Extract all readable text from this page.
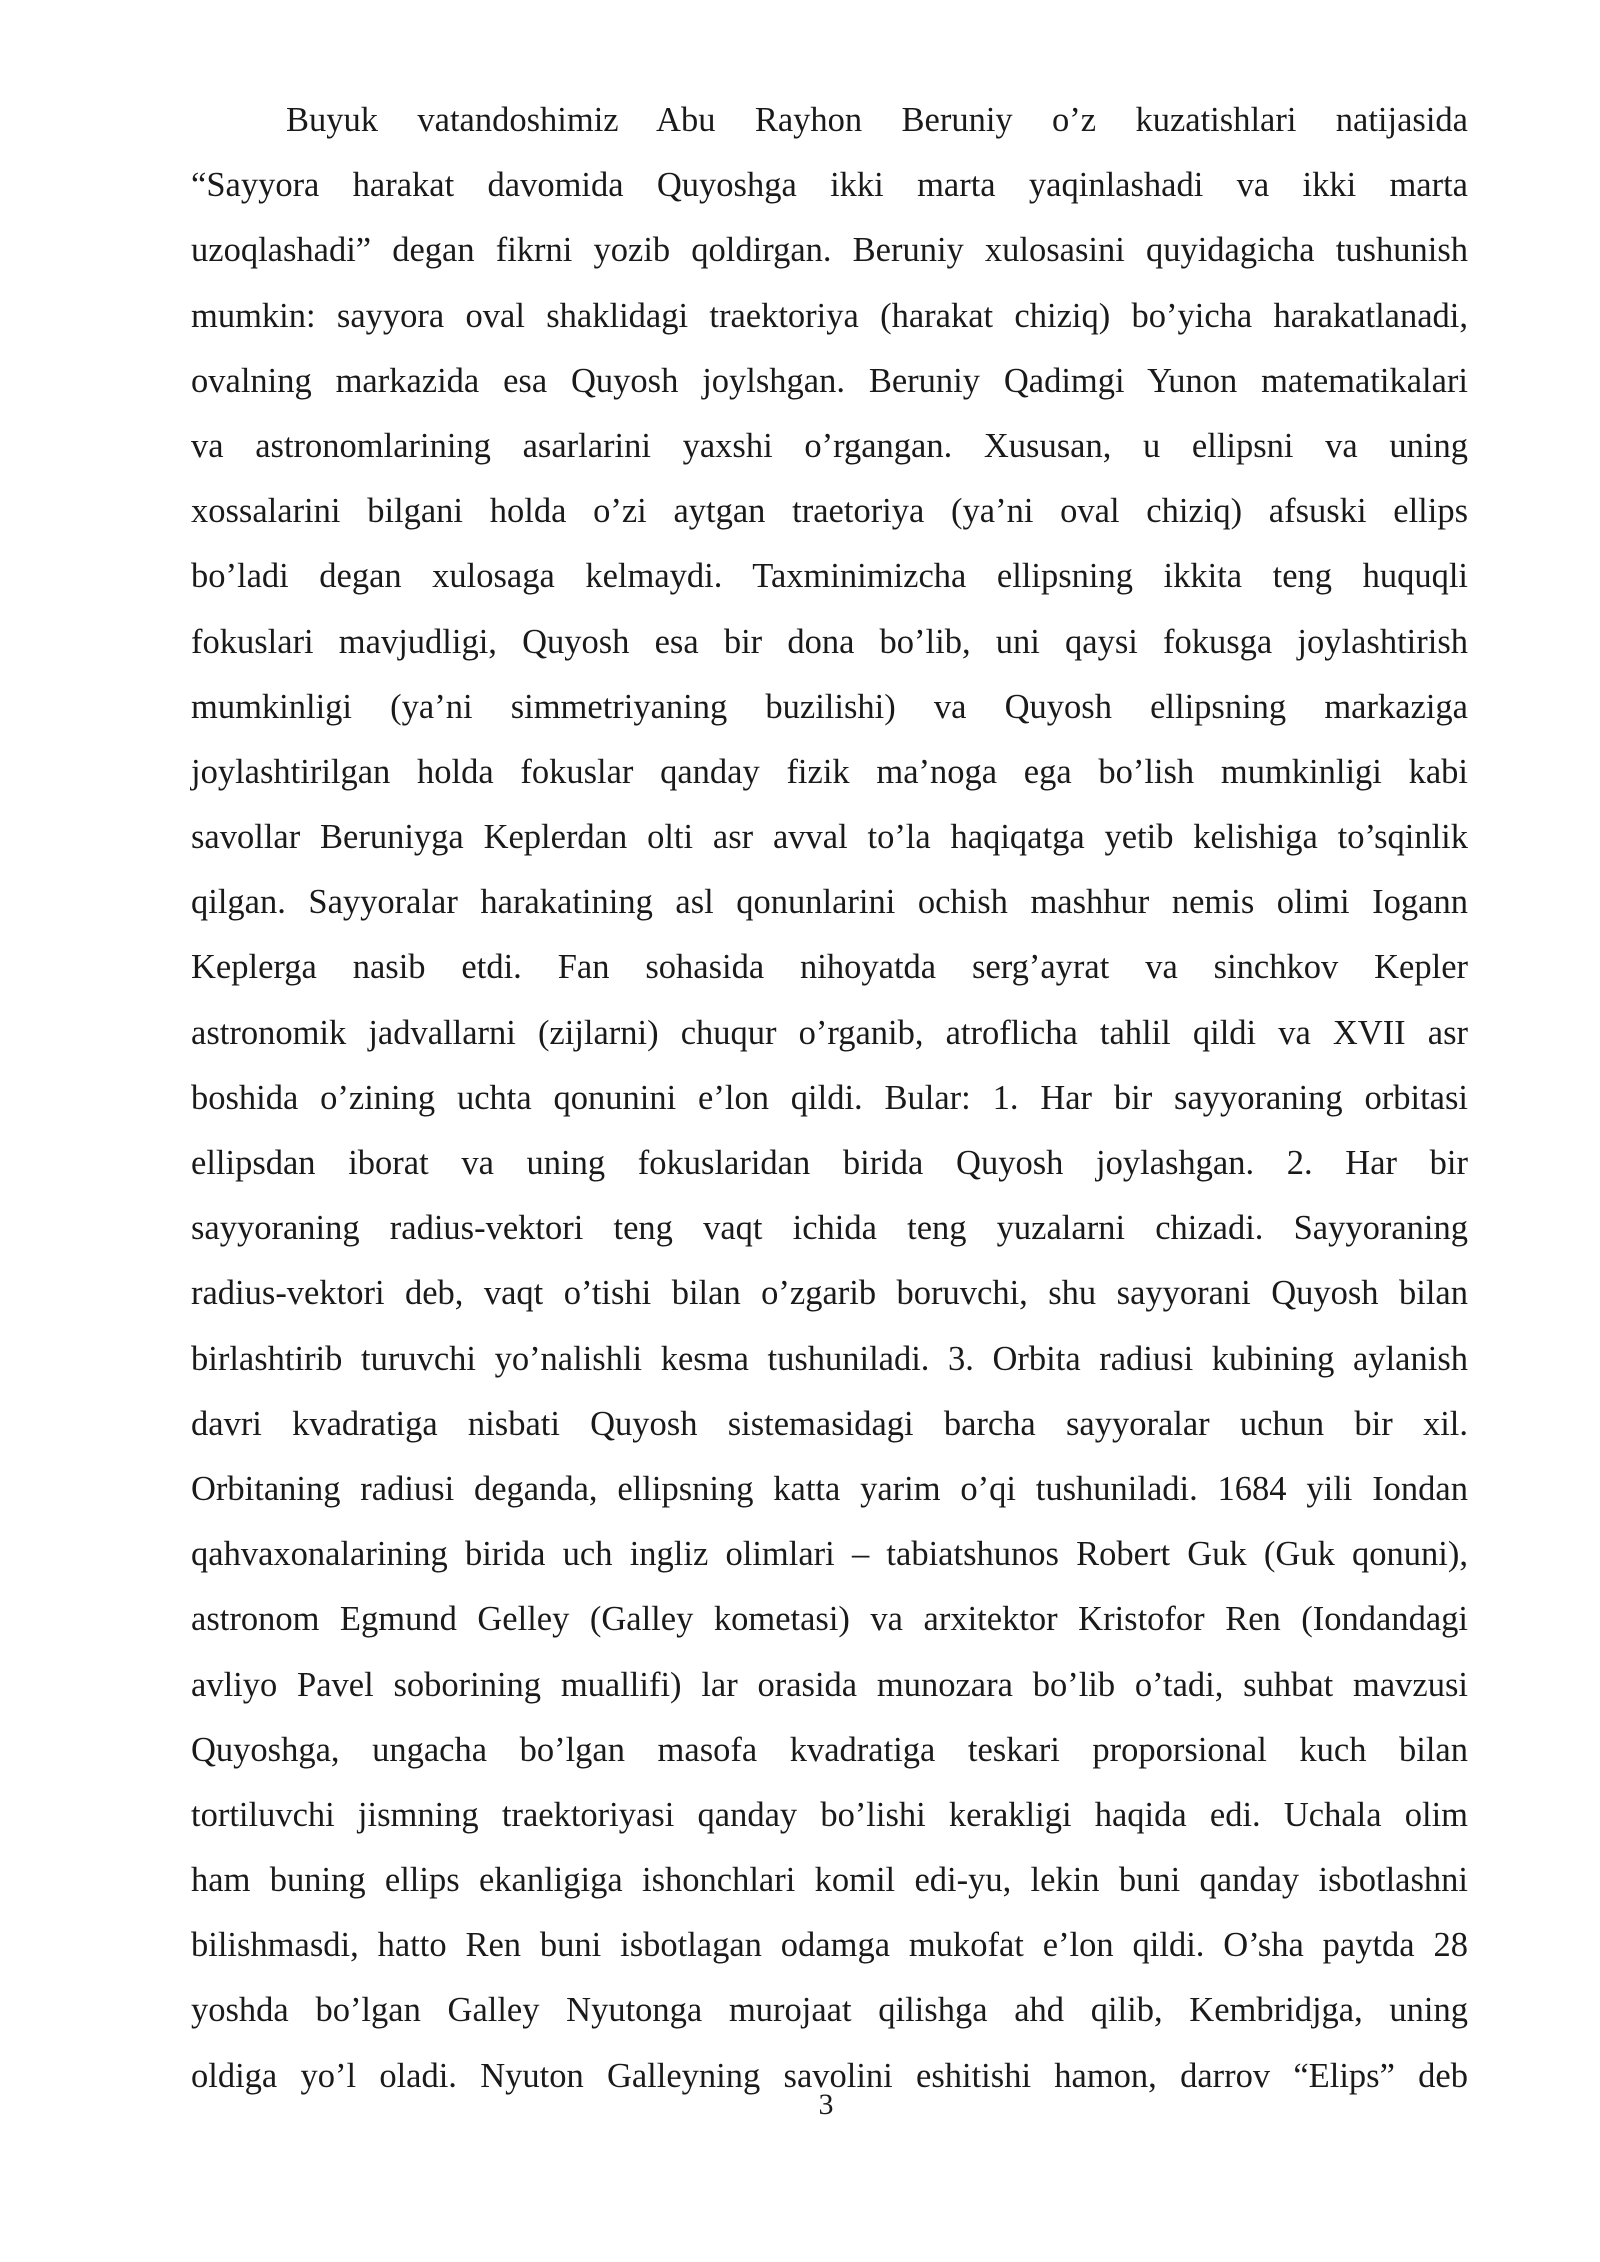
Buyuk vatandoshimiz Abu Rayhon Beruniy o’z kuzatishlari natijasida
“Sayyora harakat davomida Quyoshga ikki marta yaqinlashadi va ikki marta
uzoqlashadi” degan fikrni yozib qoldirgan. Beruniy xulosasini quyidagicha tushunish
mumkin: sayyora oval shaklidagi traektoriya (harakat chiziq) bo’yicha harakatlanadi,
ovalning markazida esa Quyosh joylshgan. Beruniy Qadimgi Yunon matematikalari
va astronomlarining asarlarini yaxshi o’rgangan. Xususan, u ellipsni va uning
xossalarini bilgani holda o’zi aytgan traetoriya (ya’ni oval chiziq) afsuski ellips
bo’ladi degan xulosaga kelmaydi. Taxminimizcha ellipsning ikkita teng huquqli
fokuslari mavjudligi, Quyosh esa bir dona bo’lib, uni qaysi fokusga joylashtirish
mumkinligi (ya’ni simmetriyaning buzilishi) va Quyosh ellipsning markaziga
joylashtirilgan holda fokuslar qanday fizik ma’noga ega bo’lish mumkinligi kabi
savollar Beruniyga Keplerdan olti asr avval to’la haqiqatga yetib kelishiga to’sqinlik
qilgan. Sayyoralar harakatining asl qonunlarini ochish mashhur nemis olimi Iogann
Keplerga nasib etdi. Fan sohasida nihoyatda serg’ayrat va sinchkov Kepler
astronomik jadvallarni (zijlarni) chuqur o’rganib, atroflicha tahlil qildi va XVII asr
boshida o’zining uchta qonunini e’lon qildi. Bular: 1. Har bir sayyoraning orbitasi
ellipsdan iborat va uning fokuslaridan birida Quyosh joylashgan. 2. Har bir
sayyoraning radius-vektori teng vaqt ichida teng yuzalarni chizadi. Sayyoraning
radius-vektori deb, vaqt o’tishi bilan o’zgarib boruvchi, shu sayyorani Quyosh bilan
birlashtirib turuvchi yo’nalishli kesma tushuniladi. 3. Orbita radiusi kubining aylanish
davri kvadratiga nisbati Quyosh sistemasidagi barcha sayyoralar uchun bir xil.
Orbitaning radiusi deganda, ellipsning katta yarim o’qi tushuniladi. 1684 yili Iondan
qahvaxonalarining birida uch ingliz olimlari – tabiatshunos Robert Guk (Guk qonuni),
astronom Egmund Gelley (Galley kometasi) va arxitektor Kristofor Ren (Iondandagi
avliyo Pavel soborining muallifi) lar orasida munozara bo’lib o’tadi, suhbat mavzusi
Quyoshga, ungacha bo’lgan masofa kvadratiga teskari proporsional kuch bilan
tortiluvchi jismning traektoriyasi qanday bo’lishi kerakligi haqida edi. Uchala olim
ham buning ellips ekanligiga ishonchlari komil edi-yu, lekin buni qanday isbotlashni
bilishmasdi, hatto Ren buni isbotlagan odamga mukofat e’lon qildi. O’sha paytda 28
yoshda bo’lgan Galley Nyutonga murojaat qilishga ahd qilib, Kembridjga, uning
oldiga yo’l oladi. Nyuton Galleyning savolini eshitishi hamon, darrov “Elips” deb
3
